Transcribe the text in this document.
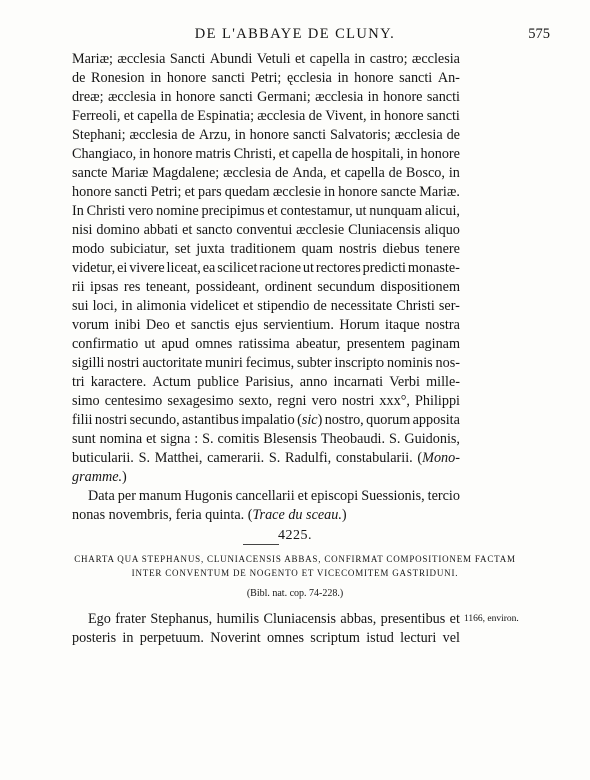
DE L'ABBAYE DE CLUNY.	575
Mariæ; æcclesia Sancti Abundi Vetuli et capella in castro; æcclesia
de Ronesion in honore sancti Petri; ęcclesia in honore sancti An-
dreæ; æcclesia in honore sancti Germani; æcclesia in honore sancti
Ferreoli, et capella de Espinatia; æcclesia de Vivent, in honore sancti
Stephani; æcclesia de Arzu, in honore sancti Salvatoris; æcclesia de
Changiaco, in honore matris Christi, et capella de hospitali, in honore
sancte Mariæ Magdalene; æcclesia de Anda, et capella de Bosco, in
honore sancti Petri; et pars quedam æcclesie in honore sancte Mariæ.
In Christi vero nomine precipimus et contestamur, ut nunquam alicui,
nisi domino abbati et sancto conventui æcclesie Cluniacensis aliquo
modo subiciatur, set juxta traditionem quam nostris diebus tenere
videtur, ei vivere liceat, ea scilicet racione ut rectores predicti monaste-
rii ipsas res teneant, possideant, ordinent secundum dispositionem
sui loci, in alimonia videlicet et stipendio de necessitate Christi ser-
vorum inibi Deo et sanctis ejus servientium. Horum itaque nostra
confirmatio ut apud omnes ratissima abeatur, presentem paginam
sigilli nostri auctoritate muniri fecimus, subter inscripto nominis nos-
tri karactere. Actum publice Parisius, anno incarnati Verbi mille-
simo centesimo sexagesimo sexto, regni vero nostri xxx°, Philippi
filii nostri secundo, astantibus impalatio (sic) nostro, quorum apposita
sunt nomina et signa : S. comitis Blesensis Theobaudi. S. Guidonis,
buticularii. S. Matthei, camerarii. S. Radulfi, constabularii. (Mono-
gramme. )
Data per manum Hugonis cancellarii et episcopi Suessionis, tercio
nonas novembris, feria quinta. ( Trace du sceau. )
4225.
CHARTA QUA STEPHANUS, CLUNIACENSIS ABBAS, CONFIRMAT COMPOSITIONEM FACTAM
INTER CONVENTUM DE NOGENTO ET VICECOMITEM GASTRIDUNI.
(Bibl. nat. cop. 74-228.)
Ego frater Stephanus, humilis Cluniacensis abbas, presentibus et
posteris in perpetuum. Noverint omnes scriptum istud lecturi vel
1166, environ.
